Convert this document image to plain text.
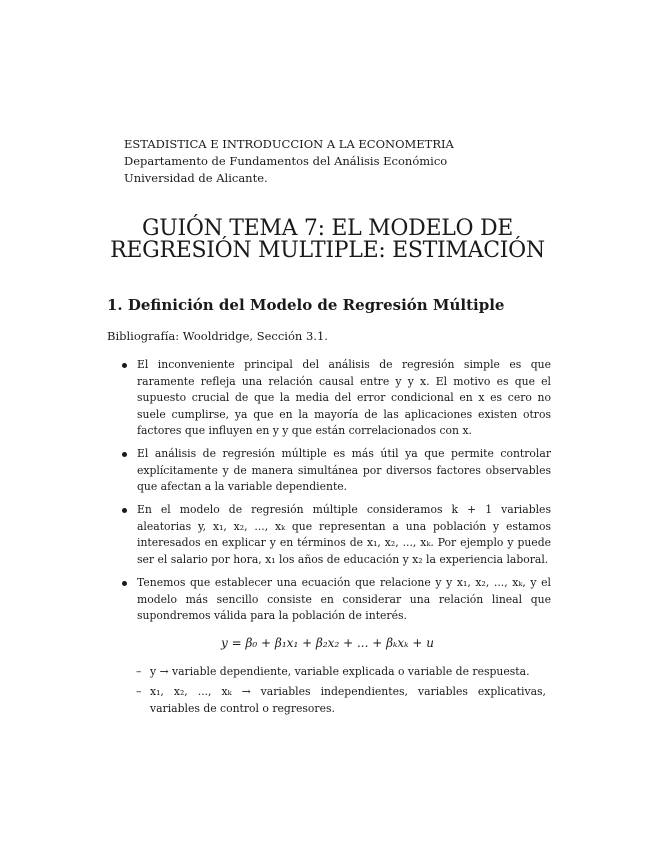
ESTADISTICA E INTRODUCCION A LA ECONOMETRIA
Departamento de Fundamentos del Análisis Económico
Universidad de Alicante.
GUIÓN TEMA 7: EL MODELO DE
REGRESIÓN MULTIPLE: ESTIMACIÓN
1. Definición del Modelo de Regresión Múltiple
Bibliografía: Wooldridge, Sección 3.1.
El inconveniente principal del análisis de regresión simple es que raramente refleja una relación causal entre y y x. El motivo es que el supuesto crucial de que la media del error condicional en x es cero no suele cumplirse, ya que en la mayoría de las aplicaciones existen otros factores que influyen en y y que están correlacionados con x.
El análisis de regresión múltiple es más útil ya que permite controlar explícitamente y de manera simultánea por diversos factores observables que afectan a la variable dependiente.
En el modelo de regresión múltiple consideramos k + 1 variables aleatorias y, x₁, x₂, ..., xₖ que representan a una población y estamos interesados en explicar y en términos de x₁, x₂, ..., xₖ. Por ejemplo y puede ser el salario por hora, x₁ los años de educación y x₂ la experiencia laboral.
Tenemos que establecer una ecuación que relacione y y x₁, x₂, ..., xₖ, y el modelo más sencillo consiste en considerar una relación lineal que supondremos válida para la población de interés.
y = β₀ + β₁x₁ + β₂x₂ + ... + βₖxₖ + u
– y → variable dependiente, variable explicada o variable de respuesta.
– x₁, x₂, ..., xₖ → variables independientes, variables explicativas, variables de control o regresores.
